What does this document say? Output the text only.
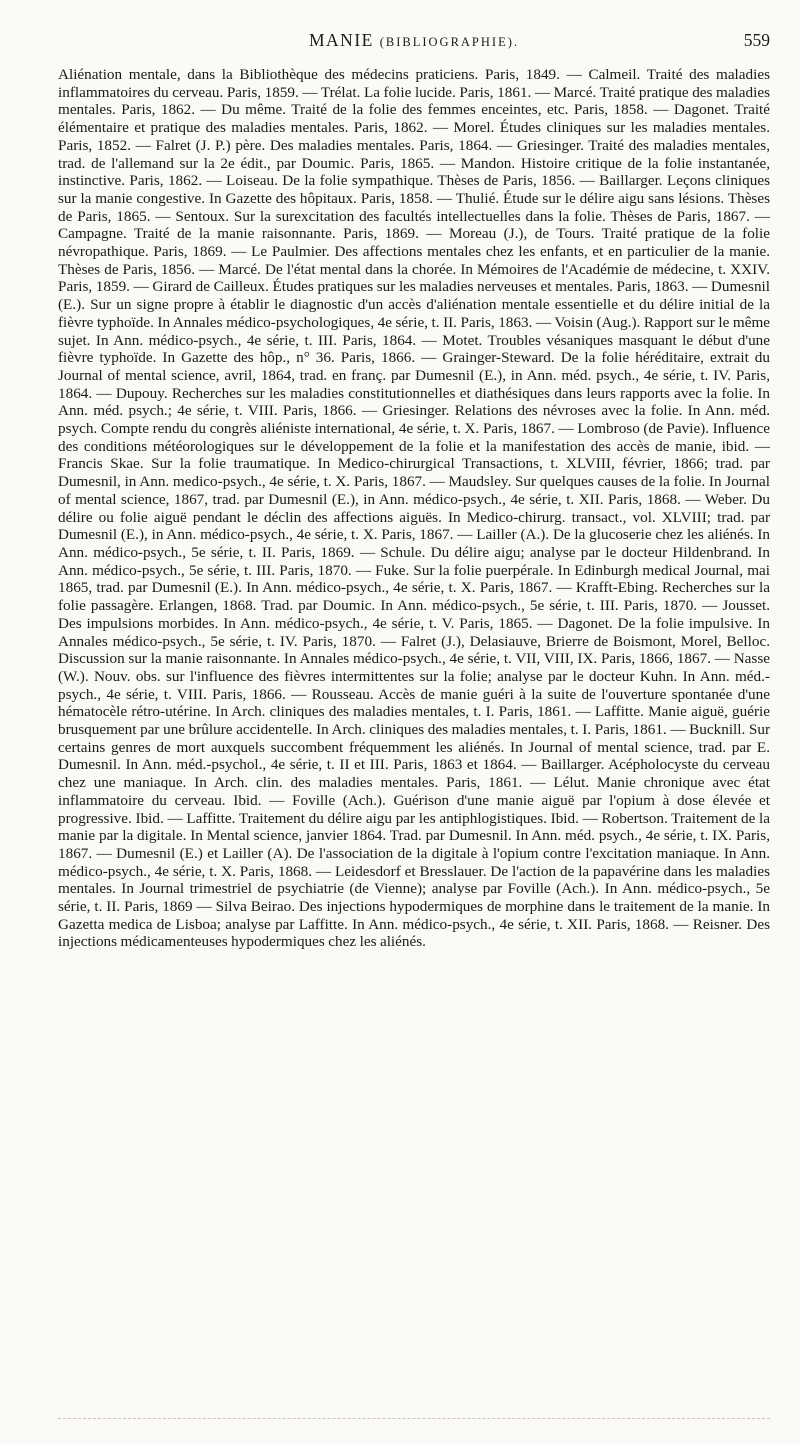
MANIE (BIBLIOGRAPHIE).	559

Aliénation mentale, dans la Bibliothèque des médecins praticiens. Paris, 1849. — Calmeil. Traité des maladies inflammatoires du cerveau. Paris, 1859. — Trélat. La folie lucide. Paris, 1861. — Marcé. Traité pratique des maladies mentales. Paris, 1862. — Du même. Traité de la folie des femmes enceintes, etc. Paris, 1858. — Dagonet. Traité élémentaire et pratique des maladies mentales. Paris, 1862. — Morel. Études cliniques sur les maladies mentales. Paris, 1852. — Falret (J. P.) père. Des maladies mentales. Paris, 1864. — Griesinger. Traité des maladies mentales, trad. de l'allemand sur la 2e édit., par Doumic. Paris, 1865. — Mandon. Histoire critique de la folie instantanée, instinctive. Paris, 1862. — Loiseau. De la folie sympathique. Thèses de Paris, 1856. — Baillarger. Leçons cliniques sur la manie congestive. In Gazette des hôpitaux. Paris, 1858. — Thulié. Étude sur le délire aigu sans lésions. Thèses de Paris, 1865. — Sentoux. Sur la surexcitation des facultés intellectuelles dans la folie. Thèses de Paris, 1867. — Campagne. Traité de la manie raisonnante. Paris, 1869. — Moreau (J.), de Tours. Traité pratique de la folie névropathique. Paris, 1869. — Le Paulmier. Des affections mentales chez les enfants, et en particulier de la manie. Thèses de Paris, 1856. — Marcé. De l'état mental dans la chorée. In Mémoires de l'Académie de médecine, t. XXIV. Paris, 1859. — Girard de Cailleux. Études pratiques sur les maladies nerveuses et mentales. Paris, 1863. — Dumesnil (E.). Sur un signe propre à établir le diagnostic d'un accès d'aliénation mentale essentielle et du délire initial de la fièvre typhoïde. In Annales médico-psychologiques, 4e série, t. II. Paris, 1863. — Voisin (Aug.). Rapport sur le même sujet. In Ann. médico-psych., 4e série, t. III. Paris, 1864. — Motet. Troubles vésaniques masquant le début d'une fièvre typhoïde. In Gazette des hôp., n° 36. Paris, 1866. — Grainger-Steward. De la folie héréditaire, extrait du Journal of mental science, avril, 1864, trad. en franç. par Dumesnil (E.), in Ann. méd. psych., 4e série, t. IV. Paris, 1864. — Dupouy. Recherches sur les maladies constitutionnelles et diathésiques dans leurs rapports avec la folie. In Ann. méd. psych.; 4e série, t. VIII. Paris, 1866. — Griesinger. Relations des névroses avec la folie. In Ann. méd. psych. Compte rendu du congrès aliéniste international, 4e série, t. X. Paris, 1867. — Lombroso (de Pavie). Influence des conditions météorologiques sur le développement de la folie et la manifestation des accès de manie, ibid. — Francis Skae. Sur la folie traumatique. In Medico-chirurgical Transactions, t. XLVIII, février, 1866; trad. par Dumesnil, in Ann. medico-psych., 4e série, t. X. Paris, 1867. — Maudsley. Sur quelques causes de la folie. In Journal of mental science, 1867, trad. par Dumesnil (E.), in Ann. médico-psych., 4e série, t. XII. Paris, 1868. — Weber. Du délire ou folie aiguë pendant le déclin des affections aiguës. In Medico-chirurg. transact., vol. XLVIII; trad. par Dumesnil (E.), in Ann. médico-psych., 4e série, t. X. Paris, 1867. — Lailler (A.). De la glucoserie chez les aliénés. In Ann. médico-psych., 5e série, t. II. Paris, 1869. — Schule. Du délire aigu; analyse par le docteur Hildenbrand. In Ann. médico-psych., 5e série, t. III. Paris, 1870. — Fuke. Sur la folie puerpérale. In Edinburgh medical Journal, mai 1865, trad. par Dumesnil (E.). In Ann. médico-psych., 4e série, t. X. Paris, 1867. — Krafft-Ebing. Recherches sur la folie passagère. Erlangen, 1868. Trad. par Doumic. In Ann. médico-psych., 5e série, t. III. Paris, 1870. — Jousset. Des impulsions morbides. In Ann. médico-psych., 4e série, t. V. Paris, 1865. — Dagonet. De la folie impulsive. In Annales médico-psych., 5e série, t. IV. Paris, 1870. — Falret (J.), Delasiauve, Brierre de Boismont, Morel, Belloc. Discussion sur la manie raisonnante. In Annales médico-psych., 4e série, t. VII, VIII, IX. Paris, 1866, 1867. — Nasse (W.). Nouv. obs. sur l'influence des fièvres intermittentes sur la folie; analyse par le docteur Kuhn. In Ann. méd.-psych., 4e série, t. VIII. Paris, 1866. — Rousseau. Accès de manie guéri à la suite de l'ouverture spontanée d'une hématocèle rétro-utérine. In Arch. cliniques des maladies mentales, t. I. Paris, 1861. — Laffitte. Manie aiguë, guérie brusquement par une brûlure accidentelle. In Arch. cliniques des maladies mentales, t. I. Paris, 1861. — Bucknill. Sur certains genres de mort auxquels succombent fréquemment les aliénés. In Journal of mental science, trad. par E. Dumesnil. In Ann. méd.-psychol., 4e série, t. II et III. Paris, 1863 et 1864. — Baillarger. Acépholocyste du cerveau chez une maniaque. In Arch. clin. des maladies mentales. Paris, 1861. — Lélut. Manie chronique avec état inflammatoire du cerveau. Ibid. — Foville (Ach.). Guérison d'une manie aiguë par l'opium à dose élevée et progressive. Ibid. — Laffitte. Traitement du délire aigu par les antiphlogistiques. Ibid. — Robertson. Traitement de la manie par la digitale. In Mental science, janvier 1864. Trad. par Dumesnil. In Ann. méd. psych., 4e série, t. IX. Paris, 1867. — Dumesnil (E.) et Lailler (A). De l'association de la digitale à l'opium contre l'excitation maniaque. In Ann. médico-psych., 4e série, t. X. Paris, 1868. — Leidesdorf et Bresslauer. De l'action de la papavérine dans les maladies mentales. In Journal trimestriel de psychiatrie (de Vienne); analyse par Foville (Ach.). In Ann. médico-psych., 5e série, t. II. Paris, 1869 — Silva Beirao. Des injections hypodermiques de morphine dans le traitement de la manie. In Gazetta medica de Lisboa; analyse par Laffitte. In Ann. médico-psych., 4e série, t. XII. Paris, 1868. — Reisner. Des injections médicamenteuses hypodermiques chez les aliénés.
